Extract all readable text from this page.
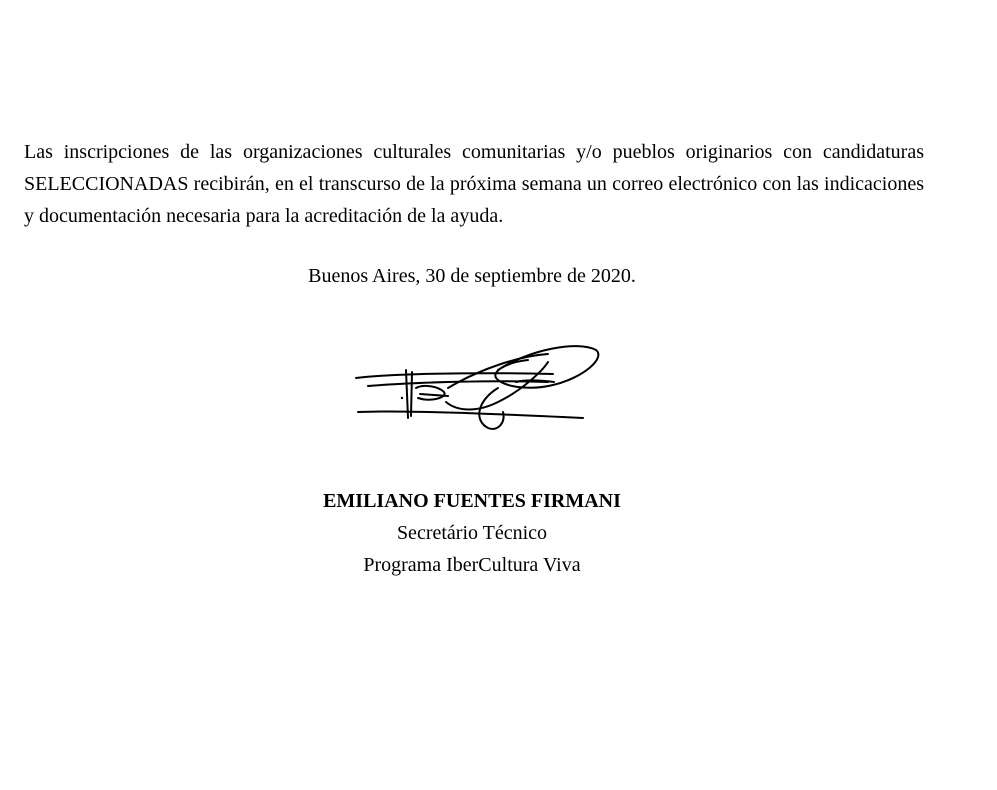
Las inscripciones de las organizaciones culturales comunitarias y/o pueblos originarios con candidaturas SELECCIONADAS recibirán, en el transcurso de la próxima semana un correo electrónico con las indicaciones y documentación necesaria para la acreditación de la ayuda.

Buenos Aires, 30 de septiembre de 2020.

EMILIANO FUENTES FIRMANI
Secretário Técnico
Programa IberCultura Viva
